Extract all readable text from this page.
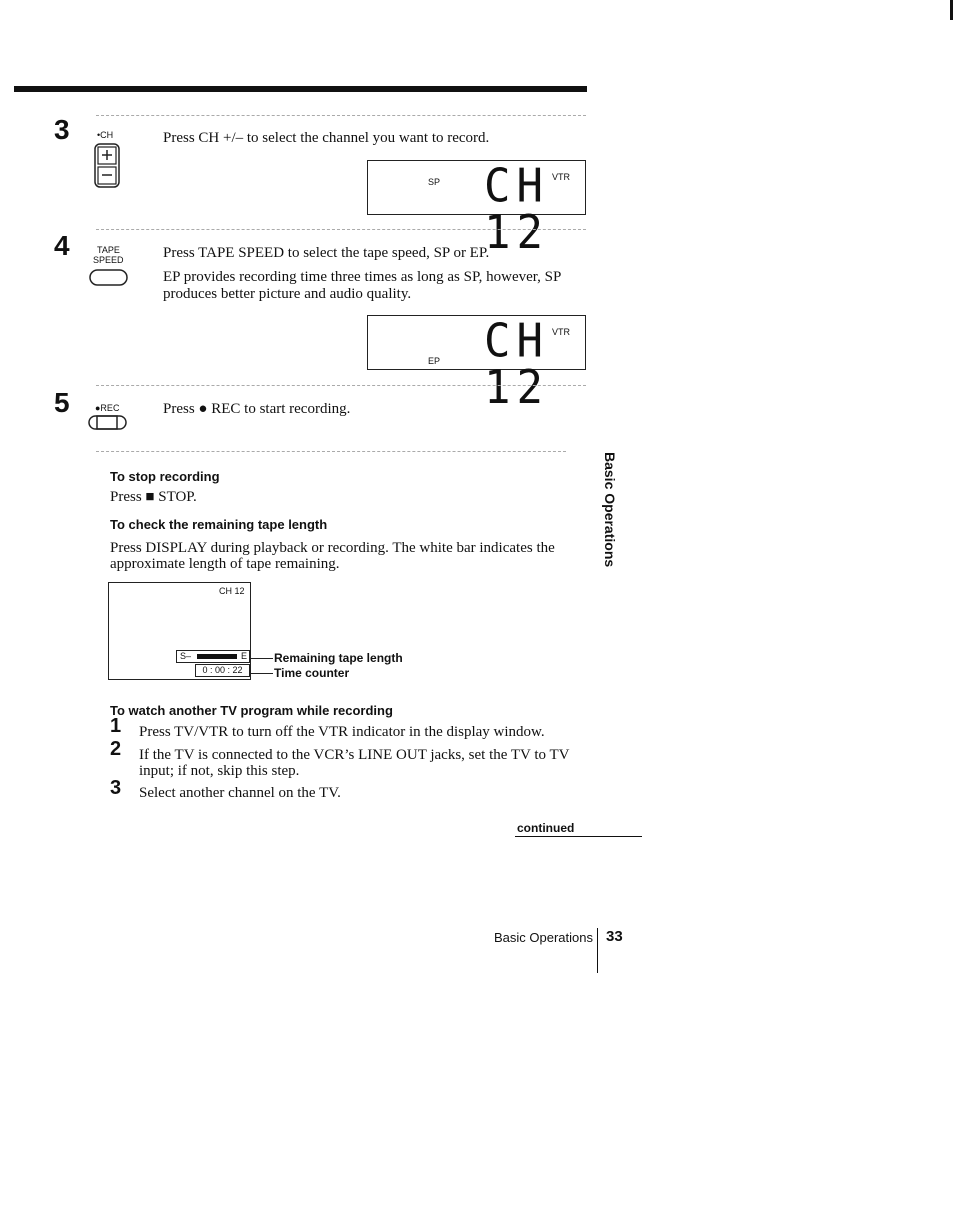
3	•CH	Press CH +/– to select the channel you want to record.
SP	VTR
CH 12
4	TAPE
SPEED	Press TAPE SPEED to select the tape speed, SP or EP.
EP provides recording time three times as long as SP, however, SP
produces better picture and audio quality.
EP
VTR
CH 12
5	●REC	Press ● REC to start recording.
To stop recording
Press ■ STOP.
To check the remaining tape length
Press DISPLAY during playback or recording. The white bar indicates the
approximate length of tape remaining.
CH 12
S–	E
0 : 00 : 22
Remaining tape length
Time counter
To watch another TV program while recording
1 Press TV/VTR to turn off the VTR indicator in the display window.
2 If the TV is connected to the VCR’s LINE OUT jacks, set the TV to TV
input; if not, skip this step.
3 Select another channel on the TV.
continued
Basic Operations
Basic Operations 33
